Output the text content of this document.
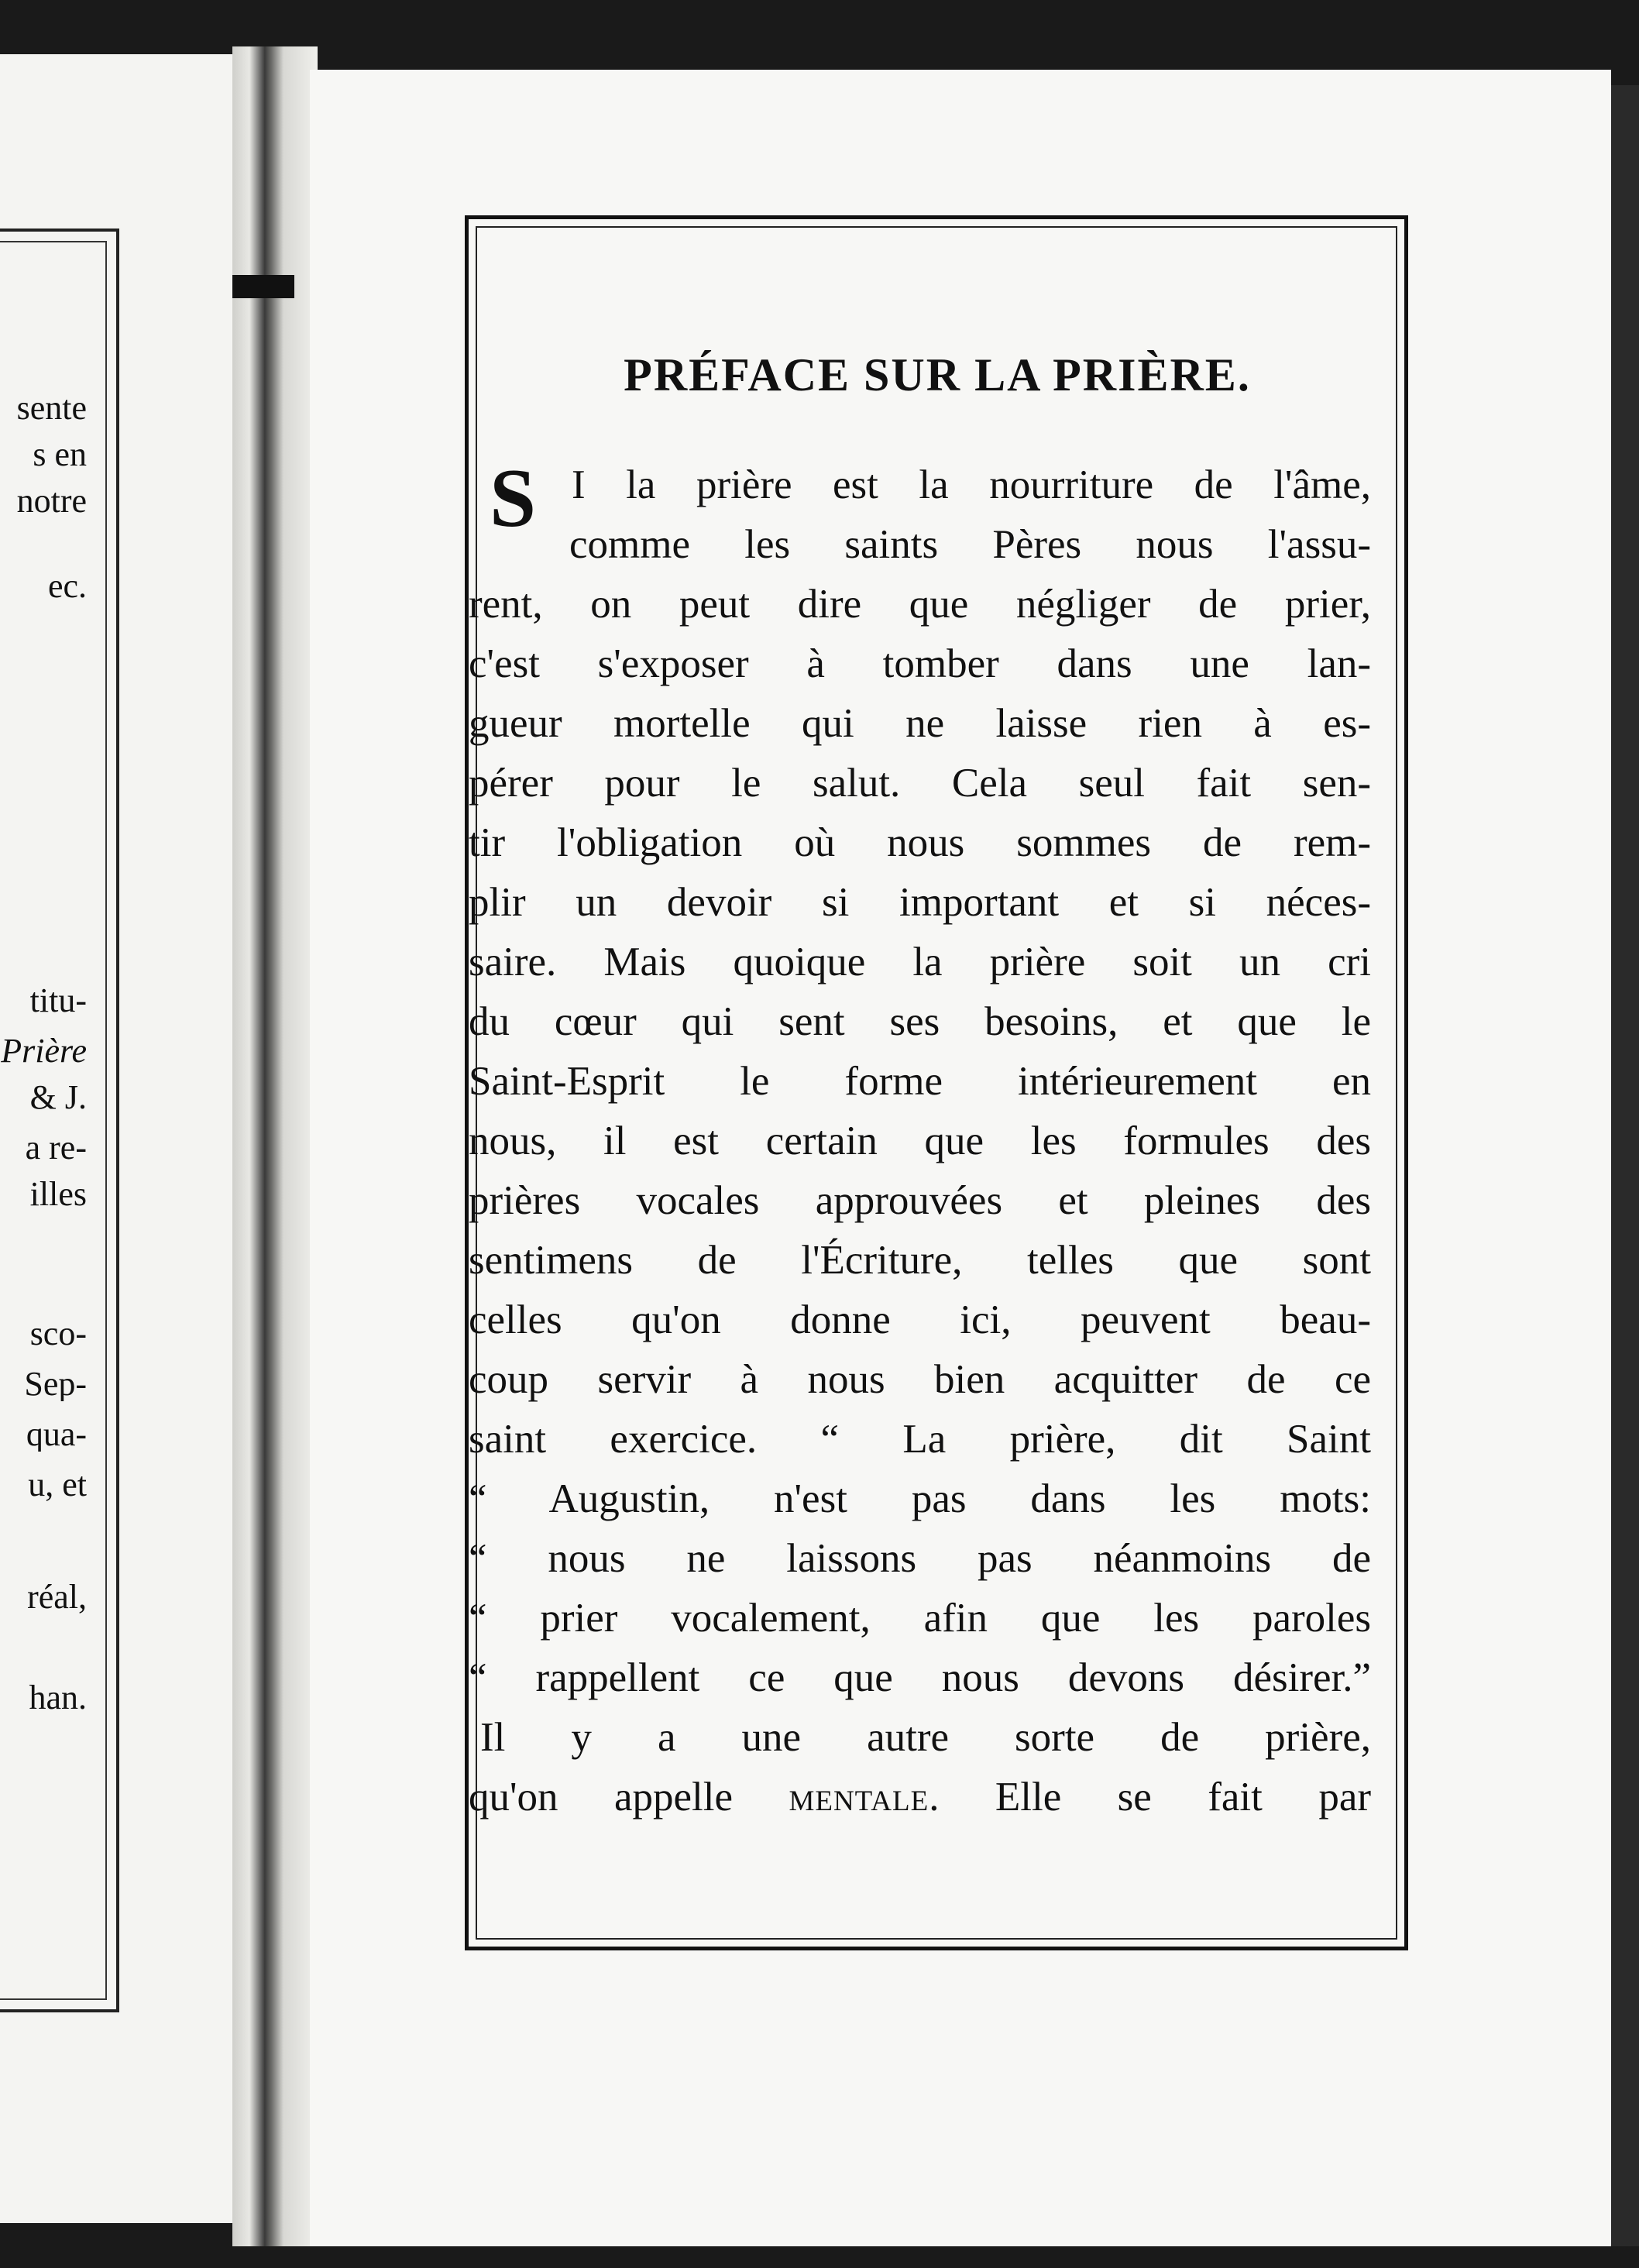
sente
s en
notre
ec.
titu-
Prière
& J.
a re-
illes
sco-
Sep-
qua-
u, et
réal,
han.
PRÉFACE SUR LA PRIÈRE.
S I la prière est la nourriture de l'âme,
comme les saints Pères nous l'assu-
rent, on peut dire que négliger de prier,
c'est s'exposer à tomber dans une lan-
gueur mortelle qui ne laisse rien à es-
pérer pour le salut. Cela seul fait sen-
tir l'obligation où nous sommes de rem-
plir un devoir si important et si néces-
saire. Mais quoique la prière soit un cri
du cœur qui sent ses besoins, et que le
Saint-Esprit le forme intérieurement en
nous, il est certain que les formules des
prières vocales approuvées et pleines des
sentimens de l'Écriture, telles que sont
celles qu'on donne ici, peuvent beau-
coup servir à nous bien acquitter de ce
saint exercice. “ La prière, dit Saint
“ Augustin, n'est pas dans les mots:
“ nous ne laissons pas néanmoins de
“ prier vocalement, afin que les paroles
“ rappellent ce que nous devons désirer.”
Il y a une autre sorte de prière,
qu'on appelle mentale. Elle se fait par
